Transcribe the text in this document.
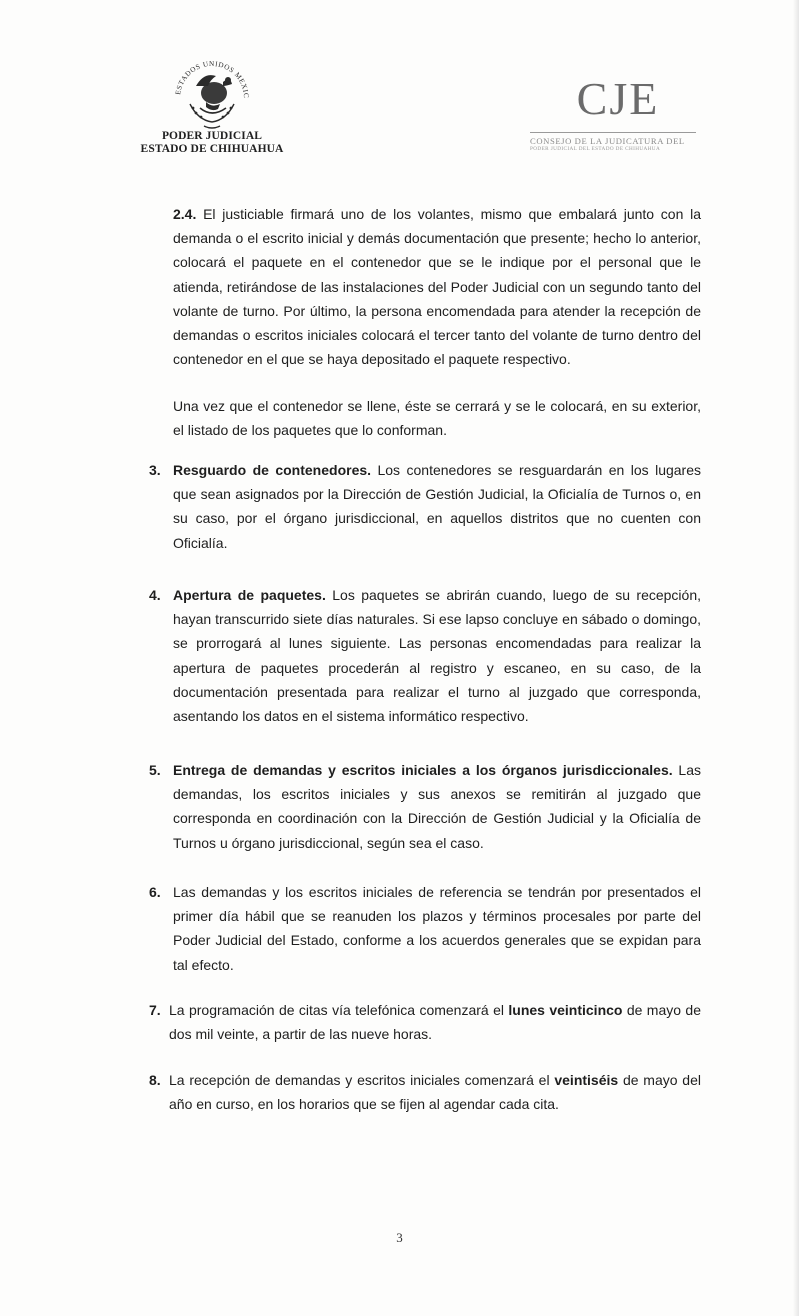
ESTADOS UNIDOS MEXIC
PODER JUDICIAL
ESTADO DE CHIHUAHUA
CJE
CONSEJO DE LA JUDICATURA DEL
PODER JUDICIAL DEL ESTADO DE CHIHUAHUA
2.4. El justiciable firmará uno de los volantes, mismo que embalará junto con la demanda o el escrito inicial y demás documentación que presente; hecho lo anterior, colocará el paquete en el contenedor que se le indique por el personal que le atienda, retirándose de las instalaciones del Poder Judicial con un segundo tanto del volante de turno. Por último, la persona encomendada para atender la recepción de demandas o escritos iniciales colocará el tercer tanto del volante de turno dentro del contenedor en el que se haya depositado el paquete respectivo.
Una vez que el contenedor se llene, éste se cerrará y se le colocará, en su exterior, el listado de los paquetes que lo conforman.
3. Resguardo de contenedores. Los contenedores se resguardarán en los lugares que sean asignados por la Dirección de Gestión Judicial, la Oficialía de Turnos o, en su caso, por el órgano jurisdiccional, en aquellos distritos que no cuenten con Oficialía.
4. Apertura de paquetes. Los paquetes se abrirán cuando, luego de su recepción, hayan transcurrido siete días naturales. Si ese lapso concluye en sábado o domingo, se prorrogará al lunes siguiente. Las personas encomendadas para realizar la apertura de paquetes procederán al registro y escaneo, en su caso, de la documentación presentada para realizar el turno al juzgado que corresponda, asentando los datos en el sistema informático respectivo.
5. Entrega de demandas y escritos iniciales a los órganos jurisdiccionales. Las demandas, los escritos iniciales y sus anexos se remitirán al juzgado que corresponda en coordinación con la Dirección de Gestión Judicial y la Oficialía de Turnos u órgano jurisdiccional, según sea el caso.
6. Las demandas y los escritos iniciales de referencia se tendrán por presentados el primer día hábil que se reanuden los plazos y términos procesales por parte del Poder Judicial del Estado, conforme a los acuerdos generales que se expidan para tal efecto.
7. La programación de citas vía telefónica comenzará el lunes veinticinco de mayo de dos mil veinte, a partir de las nueve horas.
8. La recepción de demandas y escritos iniciales comenzará el veintiséis de mayo del año en curso, en los horarios que se fijen al agendar cada cita.
3
